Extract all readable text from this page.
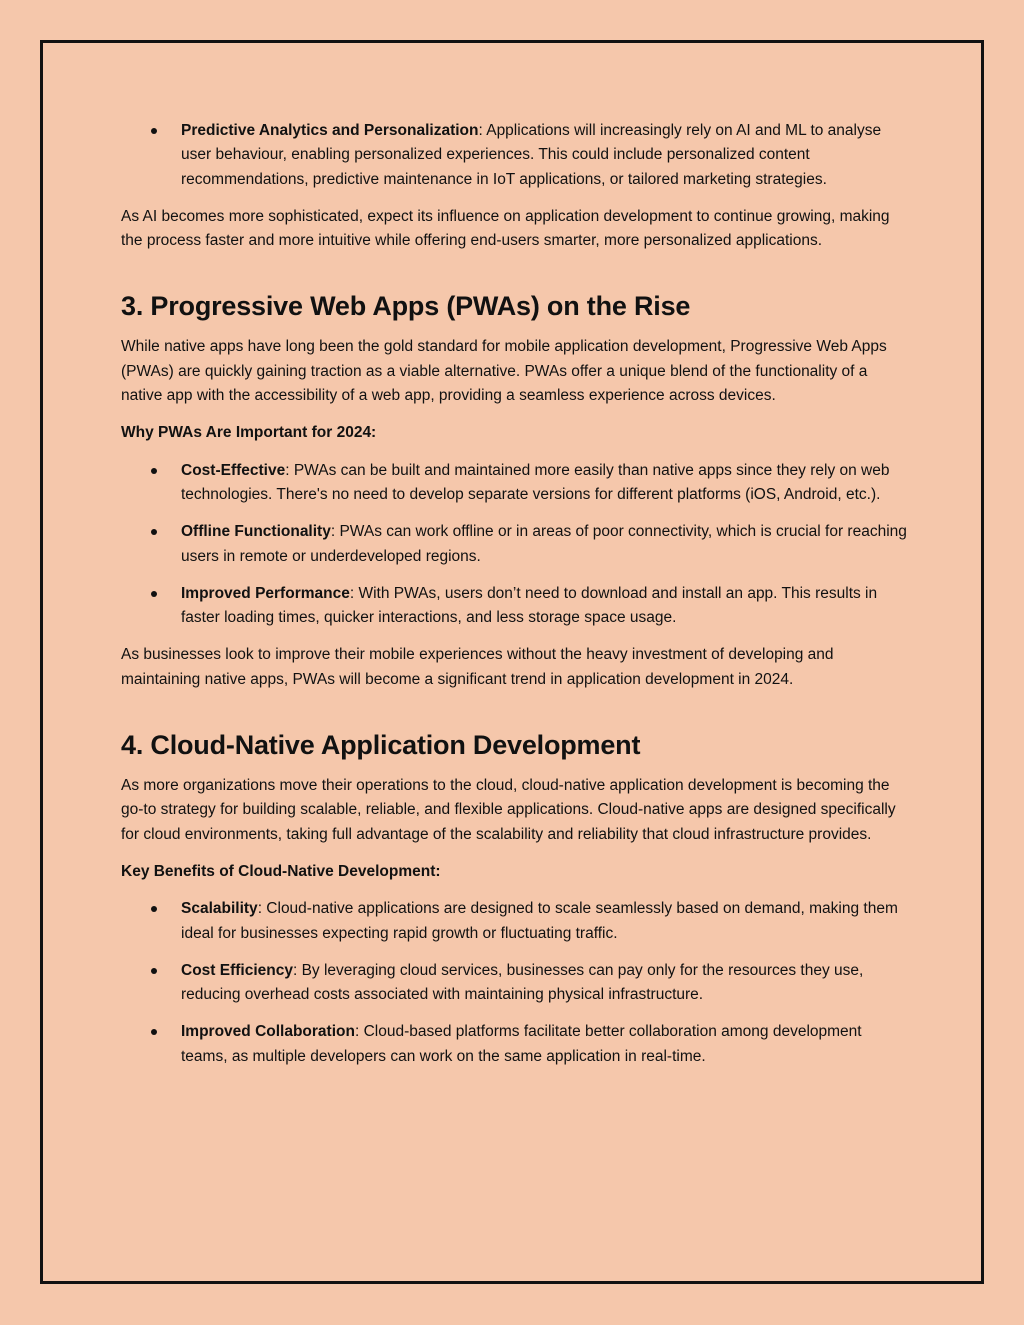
Predictive Analytics and Personalization: Applications will increasingly rely on AI and ML to analyse user behaviour, enabling personalized experiences. This could include personalized content recommendations, predictive maintenance in IoT applications, or tailored marketing strategies.

As AI becomes more sophisticated, expect its influence on application development to continue growing, making the process faster and more intuitive while offering end-users smarter, more personalized applications.

3. Progressive Web Apps (PWAs) on the Rise

While native apps have long been the gold standard for mobile application development, Progressive Web Apps (PWAs) are quickly gaining traction as a viable alternative. PWAs offer a unique blend of the functionality of a native app with the accessibility of a web app, providing a seamless experience across devices.

Why PWAs Are Important for 2024:

Cost-Effective: PWAs can be built and maintained more easily than native apps since they rely on web technologies. There's no need to develop separate versions for different platforms (iOS, Android, etc.).
Offline Functionality: PWAs can work offline or in areas of poor connectivity, which is crucial for reaching users in remote or underdeveloped regions.
Improved Performance: With PWAs, users don’t need to download and install an app. This results in faster loading times, quicker interactions, and less storage space usage.

As businesses look to improve their mobile experiences without the heavy investment of developing and maintaining native apps, PWAs will become a significant trend in application development in 2024.

4. Cloud-Native Application Development

As more organizations move their operations to the cloud, cloud-native application development is becoming the go-to strategy for building scalable, reliable, and flexible applications. Cloud-native apps are designed specifically for cloud environments, taking full advantage of the scalability and reliability that cloud infrastructure provides.

Key Benefits of Cloud-Native Development:

Scalability: Cloud-native applications are designed to scale seamlessly based on demand, making them ideal for businesses expecting rapid growth or fluctuating traffic.
Cost Efficiency: By leveraging cloud services, businesses can pay only for the resources they use, reducing overhead costs associated with maintaining physical infrastructure.
Improved Collaboration: Cloud-based platforms facilitate better collaboration among development teams, as multiple developers can work on the same application in real-time.
